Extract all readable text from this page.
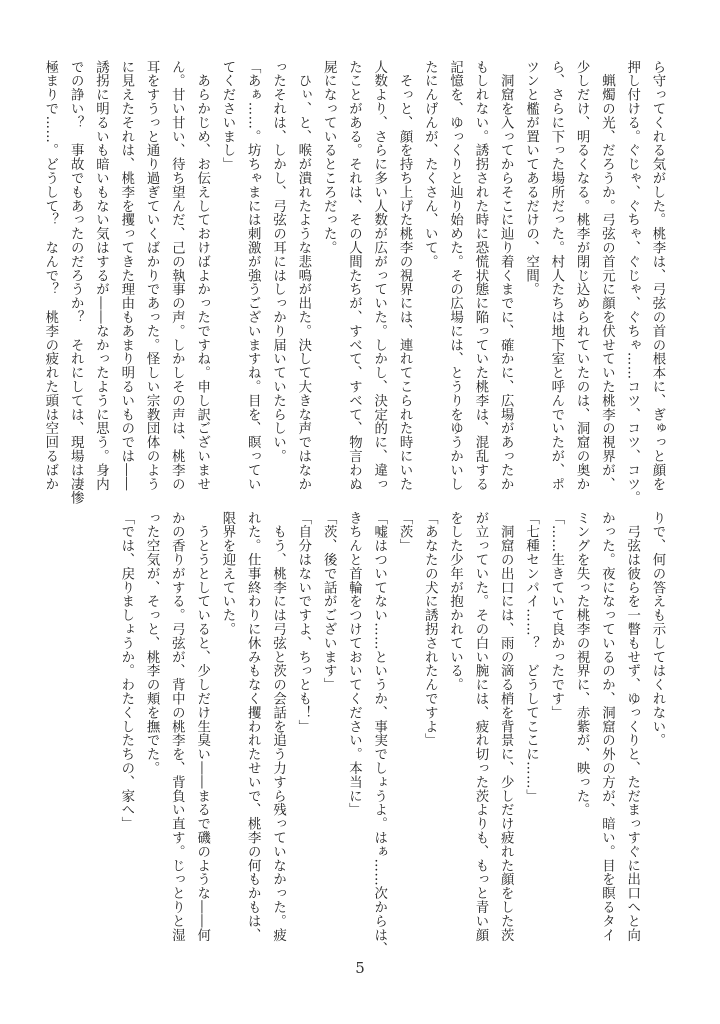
ら守ってくれる気がした。桃李は、弓弦の首の根本に、ぎゅっと顔を

押し付ける。ぐじゃ、ぐちゃ、ぐじゃ、ぐちゃ……コツ、コツ、コツ。

　蝋燭の光、だろうか。弓弦の首元に顔を伏せていた桃李の視界が、

少しだけ、明るくなる。桃李が閉じ込められていたのは、洞窟の奥か

ら、さらに下った場所だった。村人たちは地下室と呼んでいたが、ポ

ツンと檻が置いてあるだけの、空間。

　洞窟を入ってからそこに辿り着くまでに、確かに、広場があったか

もしれない。誘拐された時に恐慌状態に陥っていた桃李は、混乱する

記憶を、ゆっくりと辿り始めた。その広場には、とうりをゆうかいし

たにんげんが、たくさん、いて。

　そっと、顔を持ち上げた桃李の視界には、連れてこられた時にいた

人数より、さらに多い人数が広がっていた。しかし、決定的に、違っ

たことがある。それは、その人間たちが、すべて、すべて、物言わぬ

屍になっているところだった。

　ひぃ、と、喉が潰れたような悲鳴が出た。決して大きな声ではなか

ったそれは、しかし、弓弦の耳にはしっかり届いていたらしい。

「あぁ……。坊ちゃまには刺激が強うございますね。目を、瞑ってい

てくださいまし」

　あらかじめ、お伝えしておけばよかったですね。申し訳ございませ

ん。甘い甘い、待ち望んだ、己の執事の声。しかしその声は、桃李の

耳をすうっと通り過ぎていくばかりであった。怪しい宗教団体のよう

に見えたそれは、桃李を攫ってきた理由もあまり明るいものでは――

誘拐に明るいも暗いもない気はするが――なかったように思う。身内

での諍い？　事故でもあったのだろうか？　それにしては、現場は凄惨

極まりで……。どうして？　なんで？　桃李の疲れた頭は空回るばか

りで、何の答えも示してはくれない。

　弓弦は彼らを一瞥もせず、ゆっくりと、ただまっすぐに出口へと向

かった。夜になっているのか、洞窟の外の方が、暗い。目を瞑るタイ

ミングを失った桃李の視界に、赤紫が、映った。

「……生きていて良かったです」

「七種センパイ……？　どうしてここに……」

　洞窟の出口には、雨の滴る梢を背景に、少しだけ疲れた顔をした茨

が立っていた。その白い腕には、疲れ切った茨よりも、もっと青い顔

をした少年が抱かれている。

「あなたの犬に誘拐されたんですよ」

「茨」

「嘘はついてない……というか、事実でしょうよ。はぁ……次からは、

きちんと首輪をつけておいてください。本当に」

「茨、後で話がございます」

「自分はないですよ、ちっとも！」

　もう、桃李には弓弦と茨の会話を追う力すら残っていなかった。疲

れた。仕事終わりに休みもなく攫われたせいで、桃李の何もかもは、

限界を迎えていた。

　うとうとしていると、少しだけ生臭い――まるで磯のような――何

かの香りがする。弓弦が、背中の桃李を、背負い直す。じっとりと湿

った空気が、そっと、桃李の頬を撫でた。

「では、戻りましょうか。わたくしたちの、家へ」

5
